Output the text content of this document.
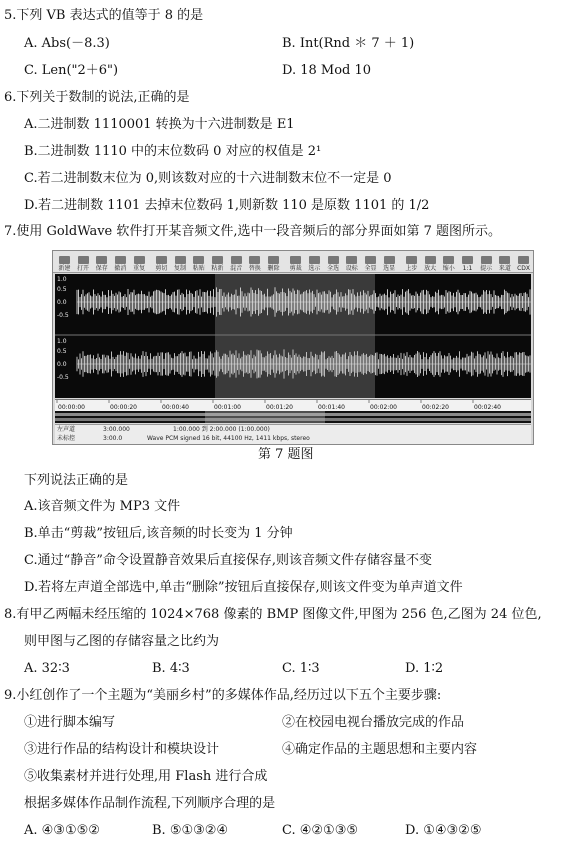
5.下列 VB 表达式的值等于 8 的是
A. Abs(－8.3)	B. Int(Rnd ＊ 7 ＋ 1)
C. Len("2＋6")	D. 18 Mod 10
6.下列关于数制的说法,正确的是
A.二进制数 1110001 转换为十六进制数是 E1
B.二进制数 1110 中的末位数码 0 对应的权值是 2¹
C.若二进制数末位为 0,则该数对应的十六进制数末位不一定是 0
D.若二进制数 1101 去掉末位数码 1,则新数 110 是原数 1101 的 1/2
7.使用 GoldWave 软件打开某音频文件,选中一段音频后的部分界面如第 7 题图所示。
新建 打开 保存 撤消 重复 剪切 复制 粘贴 粘新 混音 替换 删除 剪裁 选示 全选 设标 全显 选显 上步 放大 缩小 1:1 提示 来道 CDX
1.0
0.5
0.0
-0.5
1.0
0.5
0.0
-0.5
00:00:00	00:00:20	00:00:40	00:01:00	00:01:20	00:01:40	00:02:00	00:02:20	00:02:40
左声道	3:00.000	1:00.000 到 2:00.000 (1:00.000)
未标控	3:00.0	Wave PCM signed 16 bit, 44100 Hz, 1411 kbps, stereo
第 7 题图
下列说法正确的是
A.该音频文件为 MP3 文件
B.单击“剪裁”按钮后,该音频的时长变为 1 分钟
C.通过“静音”命令设置静音效果后直接保存,则该音频文件存储容量不变
D.若将左声道全部选中,单击“删除”按钮后直接保存,则该文件变为单声道文件
8.有甲乙两幅未经压缩的 1024×768 像素的 BMP 图像文件,甲图为 256 色,乙图为 24 位色,
则甲图与乙图的存储容量之比约为
A. 32∶3	B. 4∶3	C. 1∶3	D. 1∶2
9.小红创作了一个主题为“美丽乡村”的多媒体作品,经历过以下五个主要步骤:
①进行脚本编写	②在校园电视台播放完成的作品
③进行作品的结构设计和模块设计	④确定作品的主题思想和主要内容
⑤收集素材并进行处理,用 Flash 进行合成
根据多媒体作品制作流程,下列顺序合理的是
A. ④③①⑤②	B. ⑤①③②④	C. ④②①③⑤	D. ①④③②⑤
